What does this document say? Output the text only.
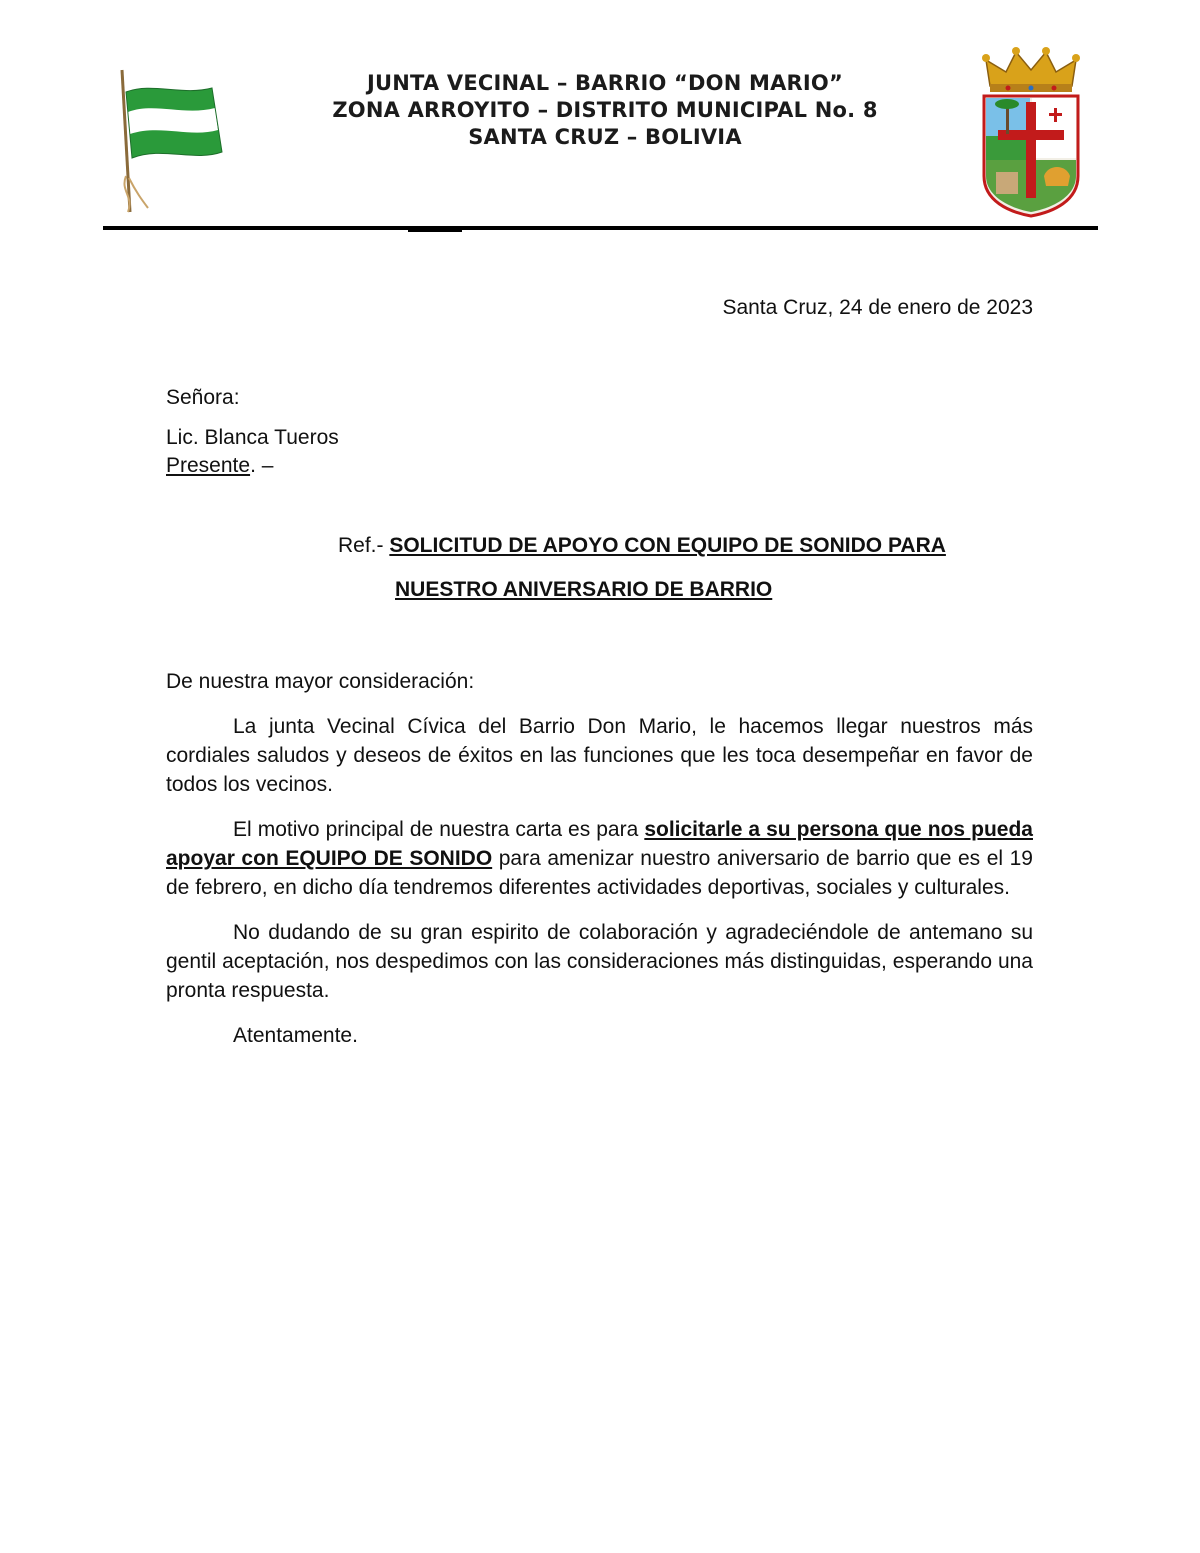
JUNTA VECINAL – BARRIO “DON MARIO”
ZONA ARROYITO – DISTRITO MUNICIPAL No. 8
SANTA CRUZ – BOLIVIA
Santa Cruz, 24 de enero de 2023
Señora:
Lic. Blanca Tueros
Presente. –
Ref.- SOLICITUD DE APOYO CON EQUIPO DE SONIDO PARA
NUESTRO ANIVERSARIO DE BARRIO
De nuestra mayor consideración:

La junta Vecinal Cívica del Barrio Don Mario, le hacemos llegar nuestros más cordiales saludos y deseos de éxitos en las funciones que les toca desempeñar en favor de todos los vecinos.

El motivo principal de nuestra carta es para solicitarle a su persona que nos pueda apoyar con EQUIPO DE SONIDO para amenizar nuestro aniversario de barrio que es el 19 de febrero, en dicho día tendremos diferentes actividades deportivas, sociales y culturales.

No dudando de su gran espirito de colaboración y agradeciéndole de antemano su gentil aceptación, nos despedimos con las consideraciones más distinguidas, esperando una pronta respuesta.

Atentamente.
